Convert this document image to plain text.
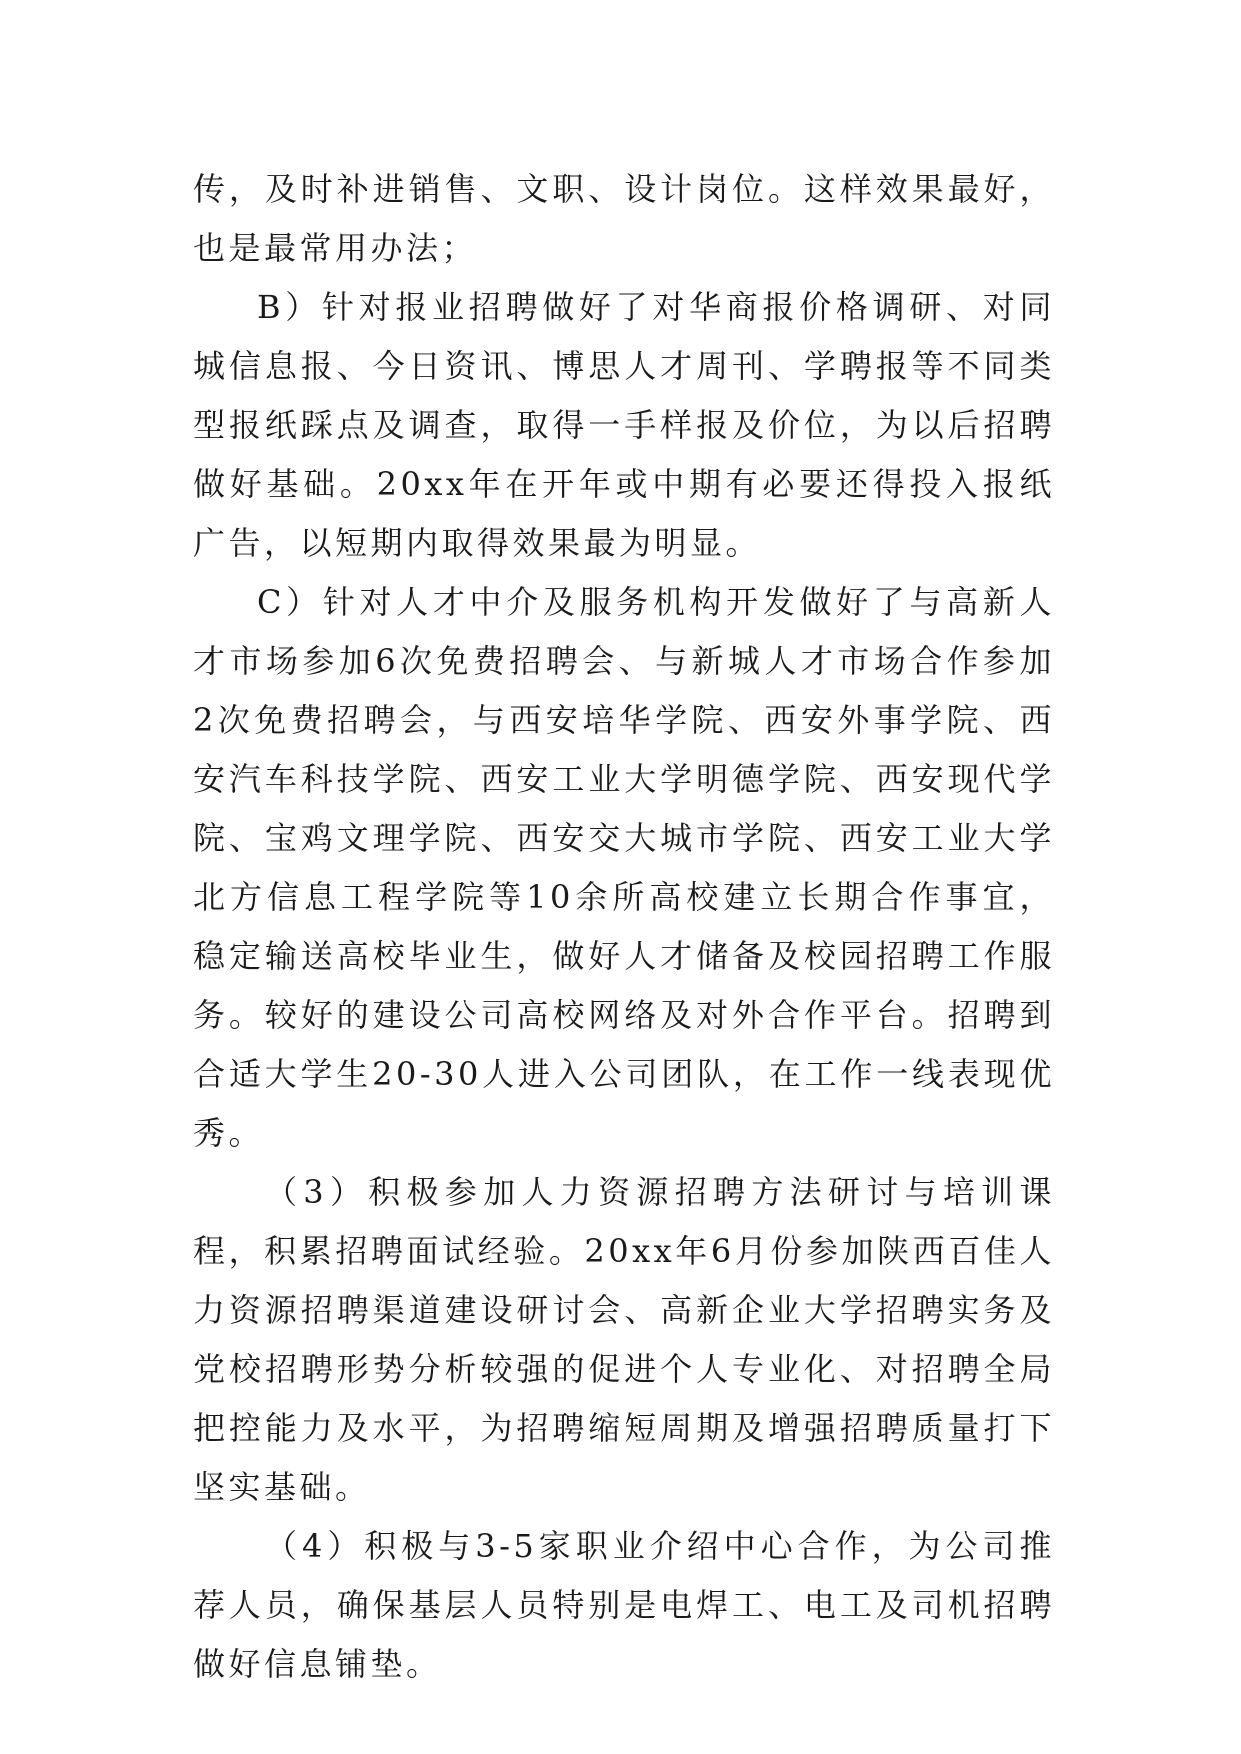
传，及时补进销售、文职、设计岗位。这样效果最好，也是最常用办法；

B）针对报业招聘做好了对华商报价格调研、对同城信息报、今日资讯、博思人才周刊、学聘报等不同类型报纸踩点及调查，取得一手样报及价位，为以后招聘做好基础。20xx年在开年或中期有必要还得投入报纸广告，以短期内取得效果最为明显。

C）针对人才中介及服务机构开发做好了与高新人才市场参加6次免费招聘会、与新城人才市场合作参加2次免费招聘会，与西安培华学院、西安外事学院、西安汽车科技学院、西安工业大学明德学院、西安现代学院、宝鸡文理学院、西安交大城市学院、西安工业大学北方信息工程学院等10余所高校建立长期合作事宜，稳定输送高校毕业生，做好人才储备及校园招聘工作服务。较好的建设公司高校网络及对外合作平台。招聘到合适大学生20-30人进入公司团队，在工作一线表现优秀。

（3）积极参加人力资源招聘方法研讨与培训课程，积累招聘面试经验。20xx年6月份参加陕西百佳人力资源招聘渠道建设研讨会、高新企业大学招聘实务及党校招聘形势分析较强的促进个人专业化、对招聘全局把控能力及水平，为招聘缩短周期及增强招聘质量打下坚实基础。

（4）积极与3-5家职业介绍中心合作，为公司推荐人员，确保基层人员特别是电焊工、电工及司机招聘做好信息铺垫。
